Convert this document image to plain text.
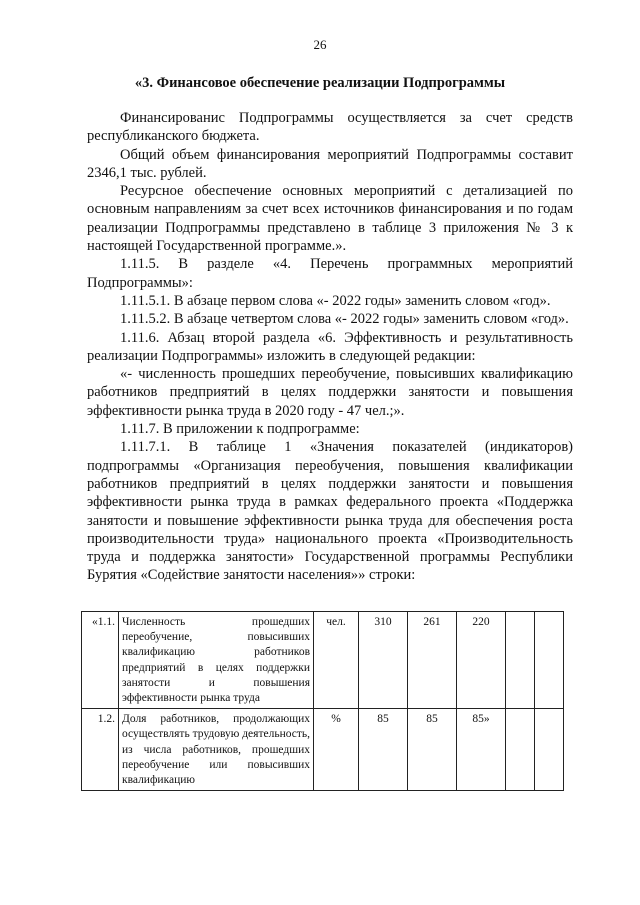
26
«3. Финансовое обеспечение реализации Подпрограммы

Финансированис Подпрограммы осуществляется за счет средств республиканского бюджета.

Общий объем финансирования мероприятий Подпрограммы составит 2346,1 тыс. рублей.

Ресурсное обеспечение основных мероприятий с детализацией по основным направлениям за счет всех источников финансирования и по годам реализации Подпрограммы представлено в таблице 3 приложения № 3 к настоящей Государственной программе.».

1.11.5. В разделе «4. Перечень программных мероприятий Подпрограммы»:

1.11.5.1. В абзаце первом слова «- 2022 годы» заменить словом «год».

1.11.5.2. В абзаце четвертом слова «- 2022 годы» заменить словом «год».

1.11.6. Абзац второй раздела «6. Эффективность и результативность реализации Подпрограммы» изложить в следующей редакции:

«- численность прошедших переобучение, повысивших квалификацию работников предприятий в целях поддержки занятости и повышения эффективности рынка труда в 2020 году - 47 чел.;».

1.11.7. В приложении к подпрограмме:

1.11.7.1. В таблице 1 «Значения показателей (индикаторов) подпрограммы «Организация переобучения, повышения квалификации работников предприятий в целях поддержки занятости и повышения эффективности рынка труда в рамках федерального проекта «Поддержка занятости и повышение эффективности рынка труда для обеспечения роста производительности труда» национального проекта «Производительность труда и поддержка занятости» Государственной программы Республики Бурятия «Содействие занятости населения»» строки:

«1.1.	Численность прошедших переобучение, повысивших квалификацию работников предприятий в целях поддержки занятости и повышения эффективности рынка труда	чел.	310	261	220		
1.2.	Доля работников, продолжающих осуществлять трудовую деятельность, из числа работников, прошедших переобучение или повысивших квалификацию	%	85	85	85»		
